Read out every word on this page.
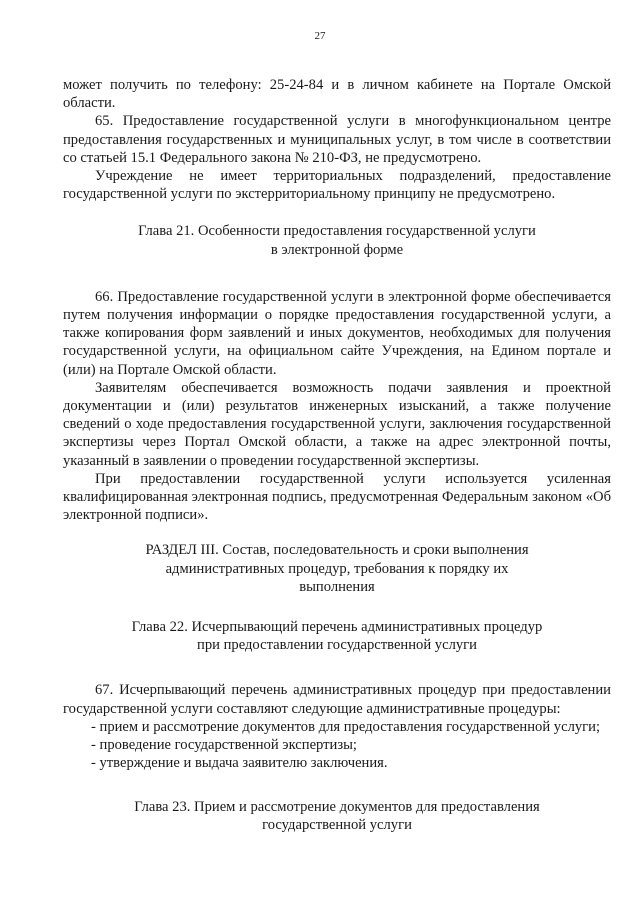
27

может получить по телефону: 25-24-84 и в личном кабинете на Портале Омской области.

65. Предоставление государственной услуги в многофункциональном центре предоставления государственных и муниципальных услуг, в том числе в соответствии со статьей 15.1 Федерального закона № 210-ФЗ, не предусмотрено.

Учреждение не имеет территориальных подразделений, предоставление государственной услуги по экстерриториальному принципу не предусмотрено.

Глава 21. Особенности предоставления государственной услуги

в электронной форме

66. Предоставление государственной услуги в электронной форме обеспечивается путем получения информации о порядке предоставления государственной услуги, а также копирования форм заявлений и иных документов, необходимых для получения государственной услуги, на официальном сайте Учреждения, на Едином портале и (или) на Портале Омской области.

Заявителям обеспечивается возможность подачи заявления и проектной документации и (или) результатов инженерных изысканий, а также получение сведений о ходе предоставления государственной услуги, заключения государственной экспертизы через Портал Омской области, а также на адрес электронной почты, указанный в заявлении о проведении государственной экспертизы.

При предоставлении государственной услуги используется усиленная квалифицированная электронная подпись, предусмотренная Федеральным законом «Об электронной подписи».

РАЗДЕЛ III. Состав, последовательность и сроки выполнения

административных процедур, требования к порядку их

выполнения

Глава 22. Исчерпывающий перечень административных процедур

при предоставлении государственной услуги

67. Исчерпывающий перечень административных процедур при предоставлении государственной услуги составляют следующие административные процедуры:

- прием и рассмотрение документов для предоставления государственной услуги;

- проведение государственной экспертизы;

- утверждение и выдача заявителю заключения.

Глава 23. Прием и рассмотрение документов для предоставления

государственной услуги
